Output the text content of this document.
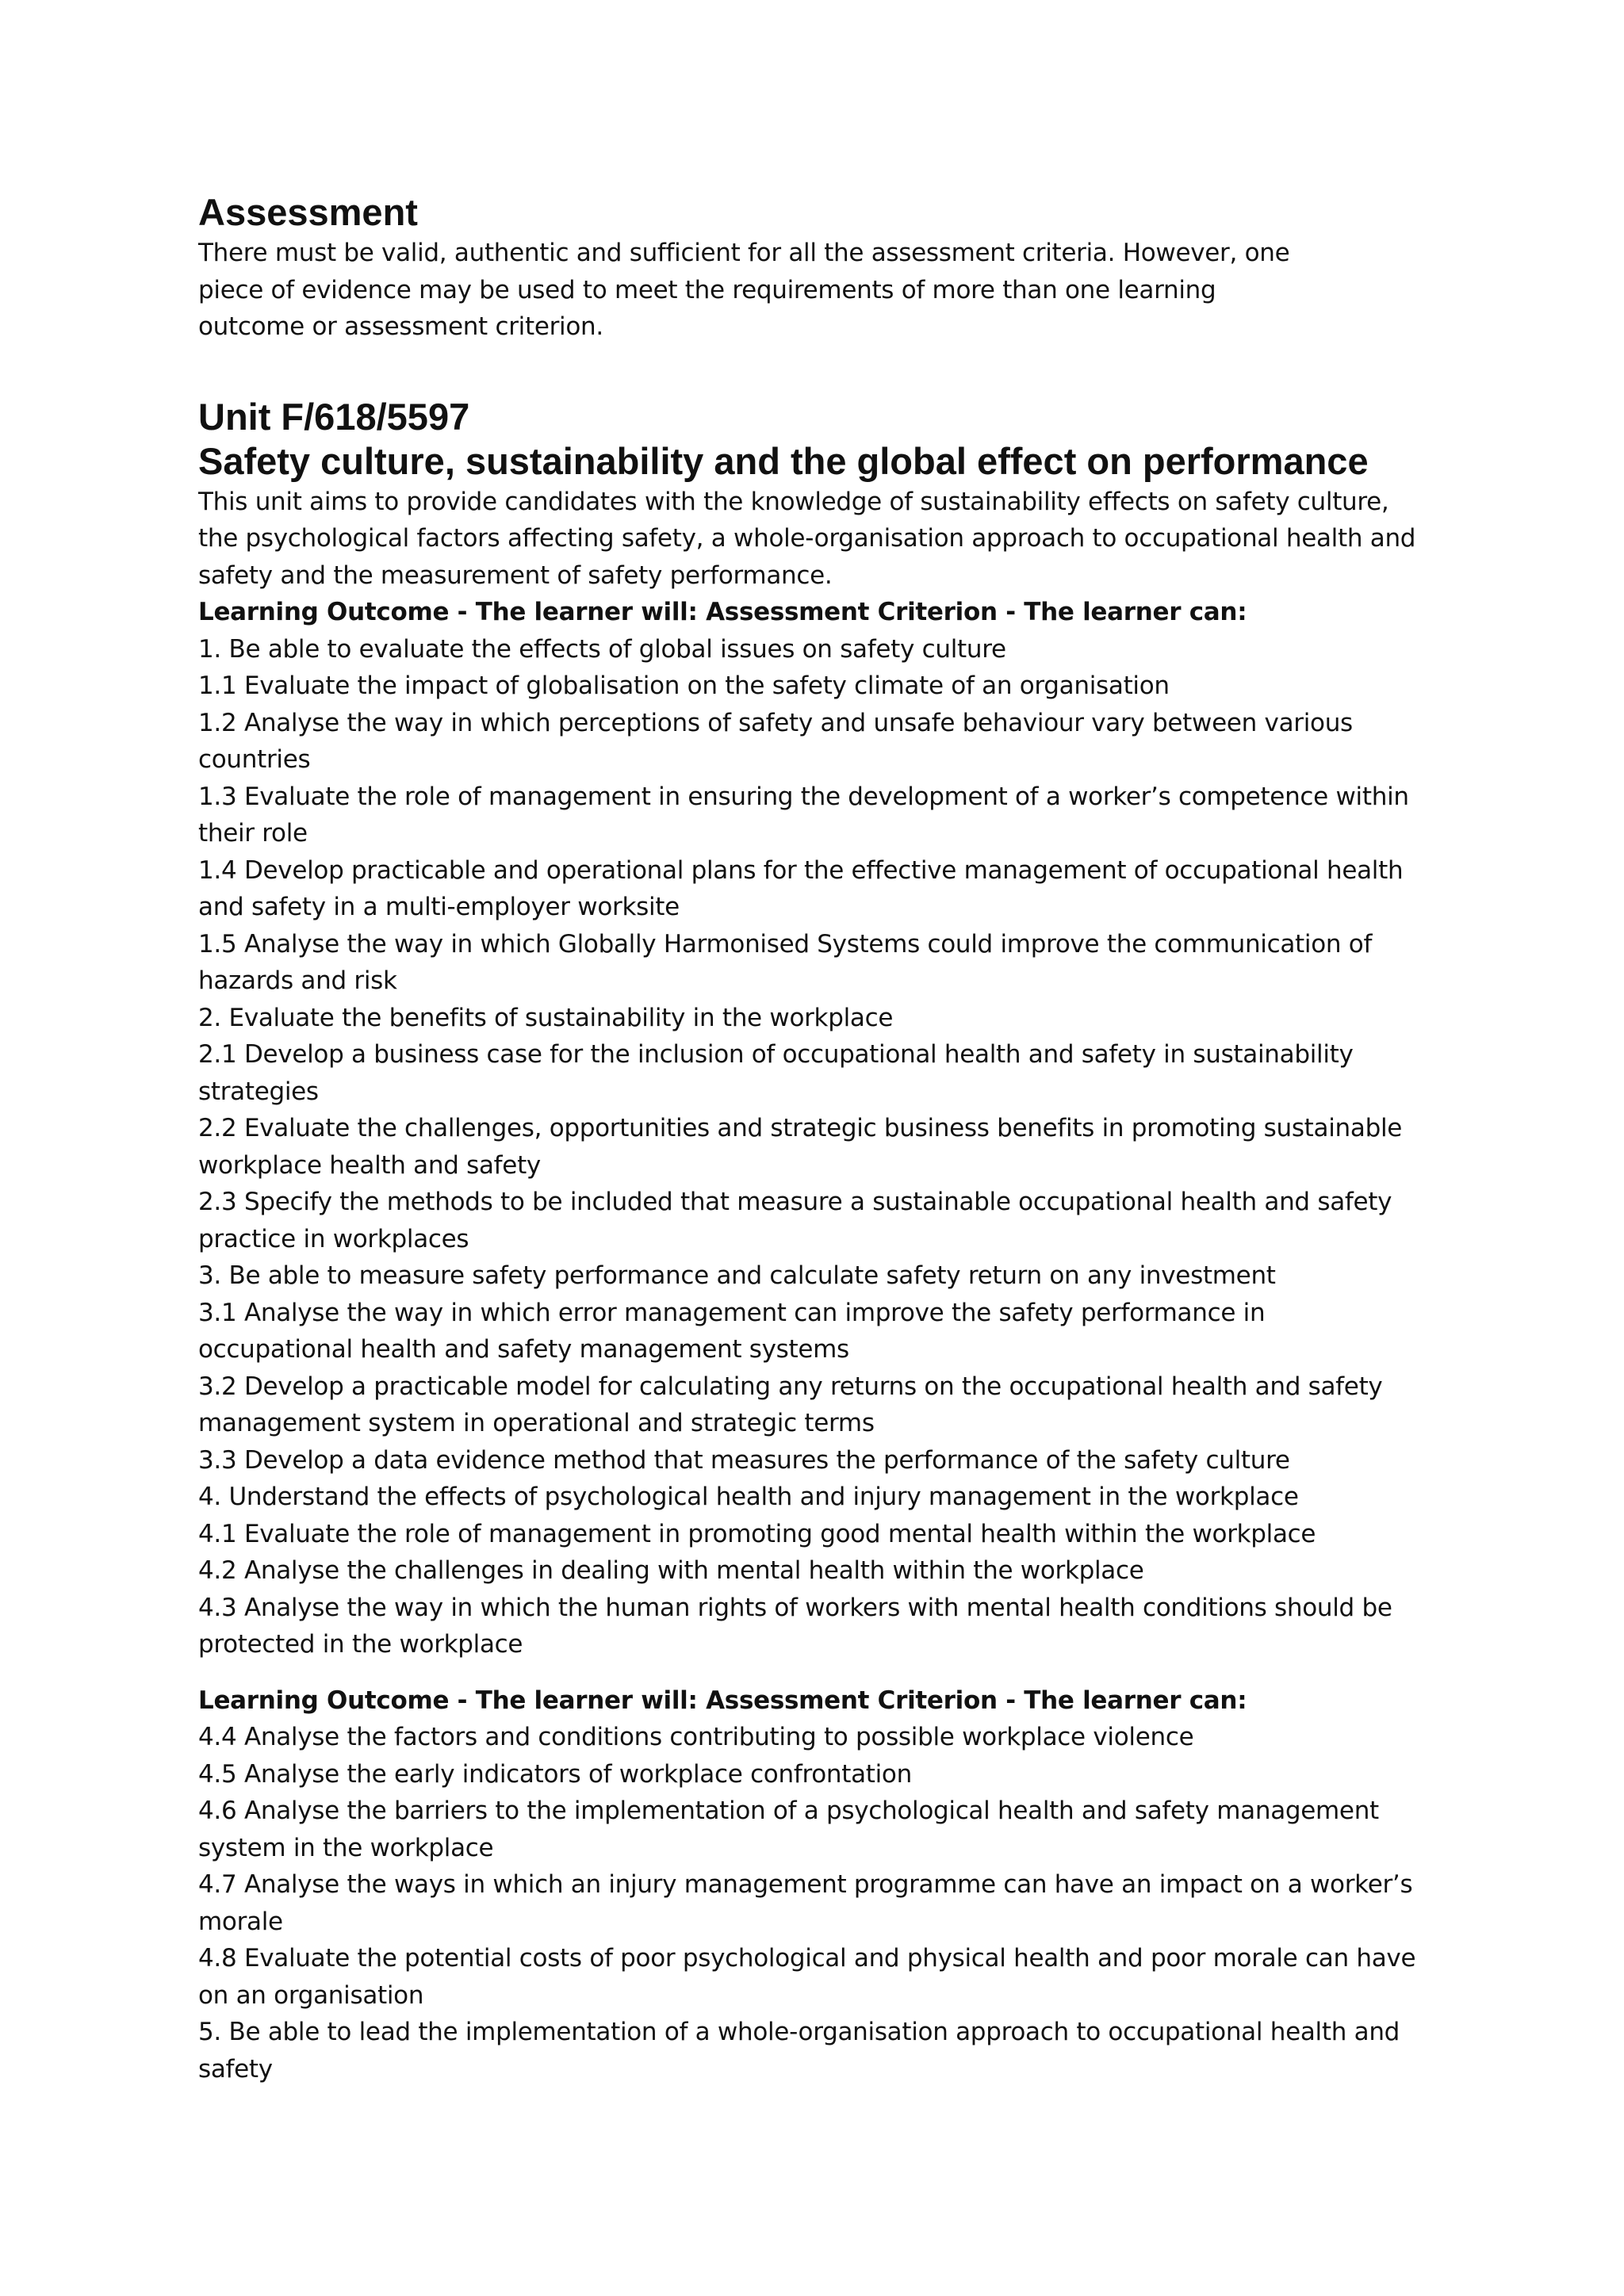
Assessment

There must be valid, authentic and sufficient for all the assessment criteria. However, one

piece of evidence may be used to meet the requirements of more than one learning

outcome or assessment criterion.

Unit F/618/5597
Safety culture, sustainability and the global effect on performance

This unit aims to provide candidates with the knowledge of sustainability effects on safety culture,

the psychological factors affecting safety, a whole-organisation approach to occupational health and

safety and the measurement of safety performance.

Learning Outcome - The learner will: Assessment Criterion - The learner can:

1. Be able to evaluate the effects of global issues on safety culture

1.1 Evaluate the impact of globalisation on the safety climate of an organisation

1.2 Analyse the way in which perceptions of safety and unsafe behaviour vary between various

countries

1.3 Evaluate the role of management in ensuring the development of a worker’s competence within

their role

1.4 Develop practicable and operational plans for the effective management of occupational health

and safety in a multi-employer worksite

1.5 Analyse the way in which Globally Harmonised Systems could improve the communication of

hazards and risk

2. Evaluate the benefits of sustainability in the workplace

2.1 Develop a business case for the inclusion of occupational health and safety in sustainability

strategies

2.2 Evaluate the challenges, opportunities and strategic business benefits in promoting sustainable

workplace health and safety

2.3 Specify the methods to be included that measure a sustainable occupational health and safety

practice in workplaces

3. Be able to measure safety performance and calculate safety return on any investment

3.1 Analyse the way in which error management can improve the safety performance in

occupational health and safety management systems

3.2 Develop a practicable model for calculating any returns on the occupational health and safety

management system in operational and strategic terms

3.3 Develop a data evidence method that measures the performance of the safety culture

4. Understand the effects of psychological health and injury management in the workplace

4.1 Evaluate the role of management in promoting good mental health within the workplace

4.2 Analyse the challenges in dealing with mental health within the workplace

4.3 Analyse the way in which the human rights of workers with mental health conditions should be

protected in the workplace

Learning Outcome - The learner will: Assessment Criterion - The learner can:

4.4 Analyse the factors and conditions contributing to possible workplace violence

4.5 Analyse the early indicators of workplace confrontation

4.6 Analyse the barriers to the implementation of a psychological health and safety management

system in the workplace

4.7 Analyse the ways in which an injury management programme can have an impact on a worker’s

morale

4.8 Evaluate the potential costs of poor psychological and physical health and poor morale can have

on an organisation

5. Be able to lead the implementation of a whole-organisation approach to occupational health and

safety
